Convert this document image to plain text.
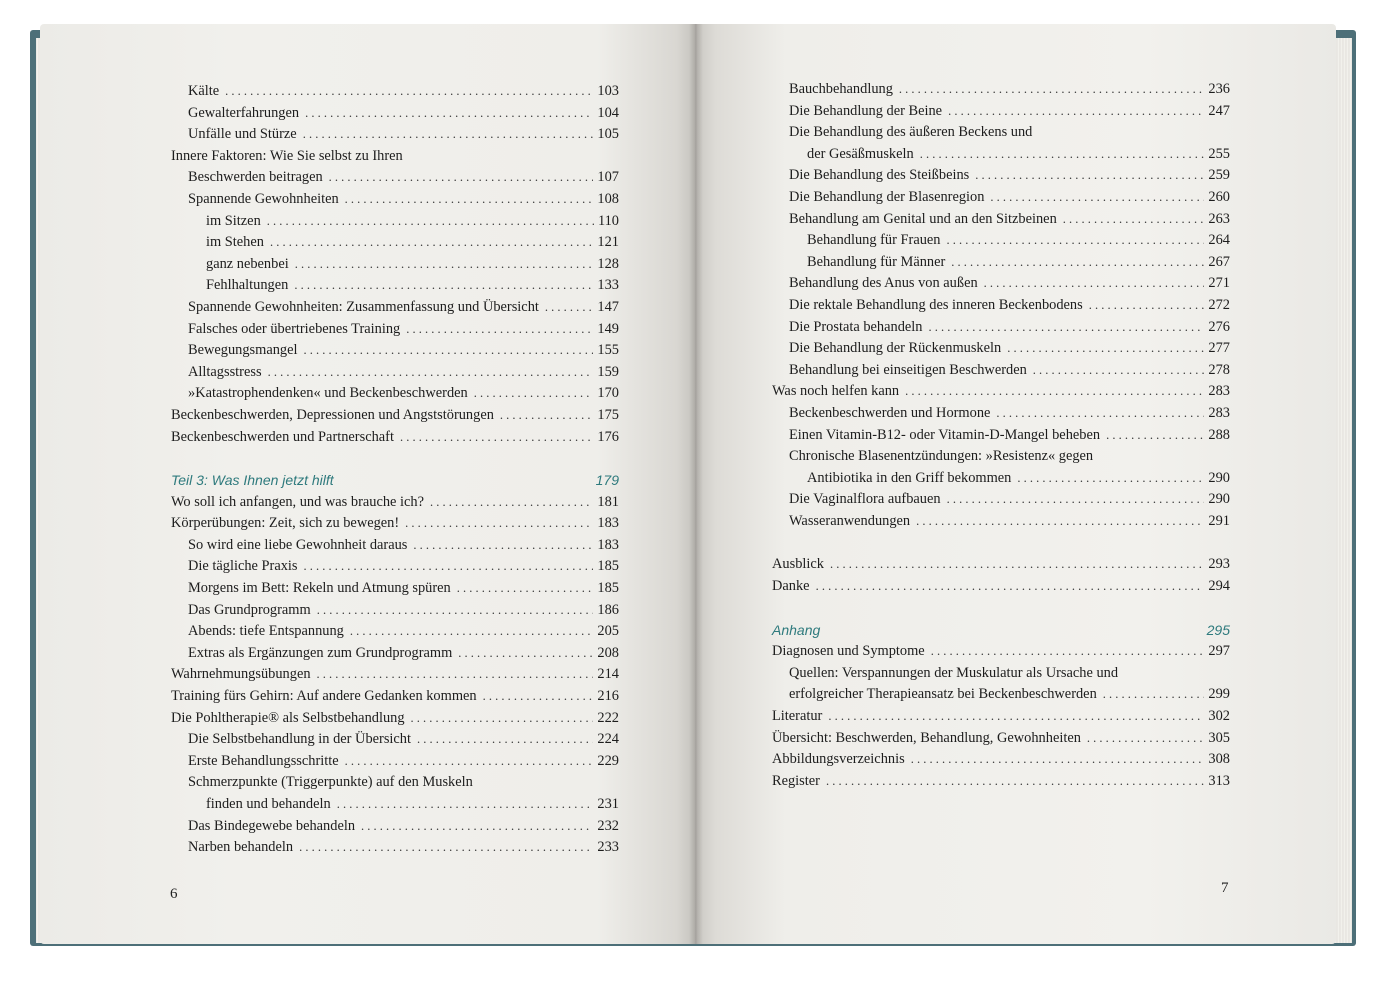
Kälte . . .	103
Gewalterfahrungen . . .	104
Unfälle und Stürze . . .	105
Innere Faktoren: Wie Sie selbst zu Ihren
Beschwerden beitragen . . .	107
Spannende Gewohnheiten . . .	108
im Sitzen . . .	110
im Stehen . . .	121
ganz nebenbei . . .	128
Fehlhaltungen . . .	133
Spannende Gewohnheiten: Zusammenfassung und Übersicht . . .	147
Falsches oder übertriebenes Training . . .	149
Bewegungsmangel . . .	155
Alltagsstress . . .	159
»Katastrophendenken« und Beckenbeschwerden . . .	170
Beckenbeschwerden, Depressionen und Angststörungen . . .	175
Beckenbeschwerden und Partnerschaft . . .	176
Teil 3: Was Ihnen jetzt hilft	179
Wo soll ich anfangen, und was brauche ich? . . .	181
Körperübungen: Zeit, sich zu bewegen! . . .	183
So wird eine liebe Gewohnheit daraus . . .	183
Die tägliche Praxis . . .	185
Morgens im Bett: Rekeln und Atmung spüren . . .	185
Das Grundprogramm . . .	186
Abends: tiefe Entspannung . . .	205
Extras als Ergänzungen zum Grundprogramm . . .	208
Wahrnehmungsübungen . . .	214
Training fürs Gehirn: Auf andere Gedanken kommen . . .	216
Die Pohltherapie® als Selbstbehandlung . . .	222
Die Selbstbehandlung in der Übersicht . . .	224
Erste Behandlungsschritte . . .	229
Schmerzpunkte (Triggerpunkte) auf den Muskeln
finden und behandeln . . .	231
Das Bindegewebe behandeln . . .	232
Narben behandeln . . .	233
6
Bauchbehandlung . . .	236
Die Behandlung der Beine . . .	247
Die Behandlung des äußeren Beckens und
der Gesäßmuskeln . . .	255
Die Behandlung des Steißbeins . . .	259
Die Behandlung der Blasenregion . . .	260
Behandlung am Genital und an den Sitzbeinen . . .	263
Behandlung für Frauen . . .	264
Behandlung für Männer . . .	267
Behandlung des Anus von außen . . .	271
Die rektale Behandlung des inneren Beckenbodens . . .	272
Die Prostata behandeln . . .	276
Die Behandlung der Rückenmuskeln . . .	277
Behandlung bei einseitigen Beschwerden . . .	278
Was noch helfen kann . . .	283
Beckenbeschwerden und Hormone . . .	283
Einen Vitamin-B12- oder Vitamin-D-Mangel beheben . . .	288
Chronische Blasenentzündungen: »Resistenz« gegen
Antibiotika in den Griff bekommen . . .	290
Die Vaginalflora aufbauen . . .	290
Wasseranwendungen . . .	291
Ausblick . . .	293
Danke . . .	294
Anhang	295
Diagnosen und Symptome . . .	297
Quellen: Verspannungen der Muskulatur als Ursache und
erfolgreicher Therapieansatz bei Beckenbeschwerden . . .	299
Literatur . . .	302
Übersicht: Beschwerden, Behandlung, Gewohnheiten . . .	305
Abbildungsverzeichnis . . .	308
Register . . .	313
7
